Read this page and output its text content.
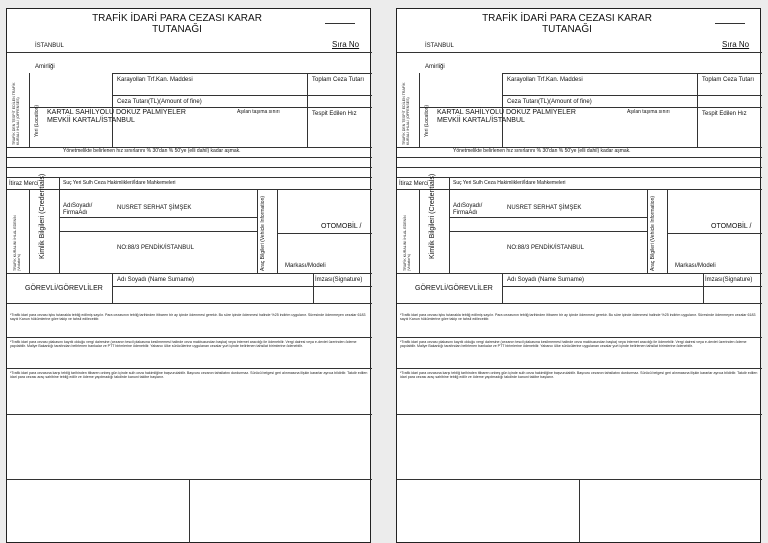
TRAFİK İDARİ PARA CEZASI KARAR TUTANAĞI
Sıra No
İSTANBUL
Amirliği
TRAFİK DEN TESPİT EDİLEN TRAFİK KURALI İHLALİ (OFFENSES)
Karayolları Trf.Kan. Maddesi	Toplam Ceza Tutarı
Ceza Tutarı(TL)(Amount of fine)
Aşılan taşıma sınırı	Tespit Edilen Hız
Yeri (Location) KARTAL SAHİLYOLU DOKUZ PALMİYELER MEVKİİ KARTAL/İSTANBUL
Yönetmelikte belirlenen hız sınırlarını % 30'dan % 50'ye (elli dahil) kadar aşmak.
İtiraz Merci	Suç Yeri Sulh Ceza Hakimlikleri/İdare Mahkemeleri
TRAFİK KURALINI İHLAL EDENİN (Violator's)
Kimlik Bilgileri (Credentials)	AdıSoyadı/ FirmaAdı
NUSRET SERHAT ŞİMŞEK
OTOMOBİL /
NO:88/3 PENDİK/İSTANBUL	Araç Bilgileri (Vehicle Information)	Markası/Modeli
GÖREVLİ/GÖREVLİLER
Adı Soyadı (Name Surname)	İmzası(Signature)
*Trafik idari para cezası işbu tutanakla tebliğ edilmiş sayılır. Para cezasının tebliğ tarihinden itibaren bir ay içinde ödenmesi gerekir. Bu süre içinde ödenmesi halinde %25 indirim uygulanır. Süresinde ödenmeyen cezalar 6183 sayılı Kanun hükümlerine göre takip ve tahsil edilecektir.
*Trafik idari para cezası plakasını kayıtlı olduğu vergi dairesine (cezanın tescil plakasına kesilmemesi halinde ceza makbuzundan başka) veya internet aracılığı ile ödenebilir. Vergi dairesi veya e-devlet üzerinden ödeme yapılabilir. Maliye Bakanlığı tarafından belirlenen bankalar ve PTT birimlerine ödenebilir. Yabancı ülke sürücülerine uygulanan cezalar yurt içinde belirlenen tahsilat birimlerine ödenebilir.
*Trafik idari para cezasına karşı tebliğ tarihinden itibaren onbeş gün içinde sulh ceza hakimliğine başvurulabilir. Başvuru cezanın tahsilatını durdurmaz. Sürücü belgesi geri alınmasına ilişkin kararlar ayrıca bildirilir. Takdir edilen idari para cezası araç sahibine tebliğ edilir ve ödeme yapılmadığı takdirde kanuni takibe başlanır.
TRAFİK İDARİ PARA CEZASI KARAR TUTANAĞI
Sıra No
İSTANBUL
Amirliği
TRAFİK DEN TESPİT EDİLEN TRAFİK KURALI İHLALİ (OFFENSES)
Karayolları Trf.Kan. Maddesi	Toplam Ceza Tutarı
Ceza Tutarı(TL)(Amount of fine)
Aşılan taşıma sınırı	Tespit Edilen Hız
Yeri (Location) KARTAL SAHİLYOLU DOKUZ PALMİYELER MEVKİİ KARTAL/İSTANBUL
Yönetmelikte belirlenen hız sınırlarını % 30'dan % 50'ye (elli dahil) kadar aşmak.
İtiraz Merci	Suç Yeri Sulh Ceza Hakimlikleri/İdare Mahkemeleri
TRAFİK KURALINI İHLAL EDENİN (Violator's)
Kimlik Bilgileri (Credentials)	AdıSoyadı/ FirmaAdı
NUSRET SERHAT ŞİMŞEK
OTOMOBİL /
NO:88/3 PENDİK/İSTANBUL	Araç Bilgileri (Vehicle Information)	Markası/Modeli
GÖREVLİ/GÖREVLİLER
Adı Soyadı (Name Surname)	İmzası(Signature)
*Trafik idari para cezası işbu tutanakla tebliğ edilmiş sayılır. Para cezasının tebliğ tarihinden itibaren bir ay içinde ödenmesi gerekir. Bu süre içinde ödenmesi halinde %25 indirim uygulanır. Süresinde ödenmeyen cezalar 6183 sayılı Kanun hükümlerine göre takip ve tahsil edilecektir.
*Trafik idari para cezası plakasını kayıtlı olduğu vergi dairesine (cezanın tescil plakasına kesilmemesi halinde ceza makbuzundan başka) veya internet aracılığı ile ödenebilir. Vergi dairesi veya e-devlet üzerinden ödeme yapılabilir. Maliye Bakanlığı tarafından belirlenen bankalar ve PTT birimlerine ödenebilir. Yabancı ülke sürücülerine uygulanan cezalar yurt içinde belirlenen tahsilat birimlerine ödenebilir.
*Trafik idari para cezasına karşı tebliğ tarihinden itibaren onbeş gün içinde sulh ceza hakimliğine başvurulabilir. Başvuru cezanın tahsilatını durdurmaz. Sürücü belgesi geri alınmasına ilişkin kararlar ayrıca bildirilir. Takdir edilen idari para cezası araç sahibine tebliğ edilir ve ödeme yapılmadığı takdirde kanuni takibe başlanır.
